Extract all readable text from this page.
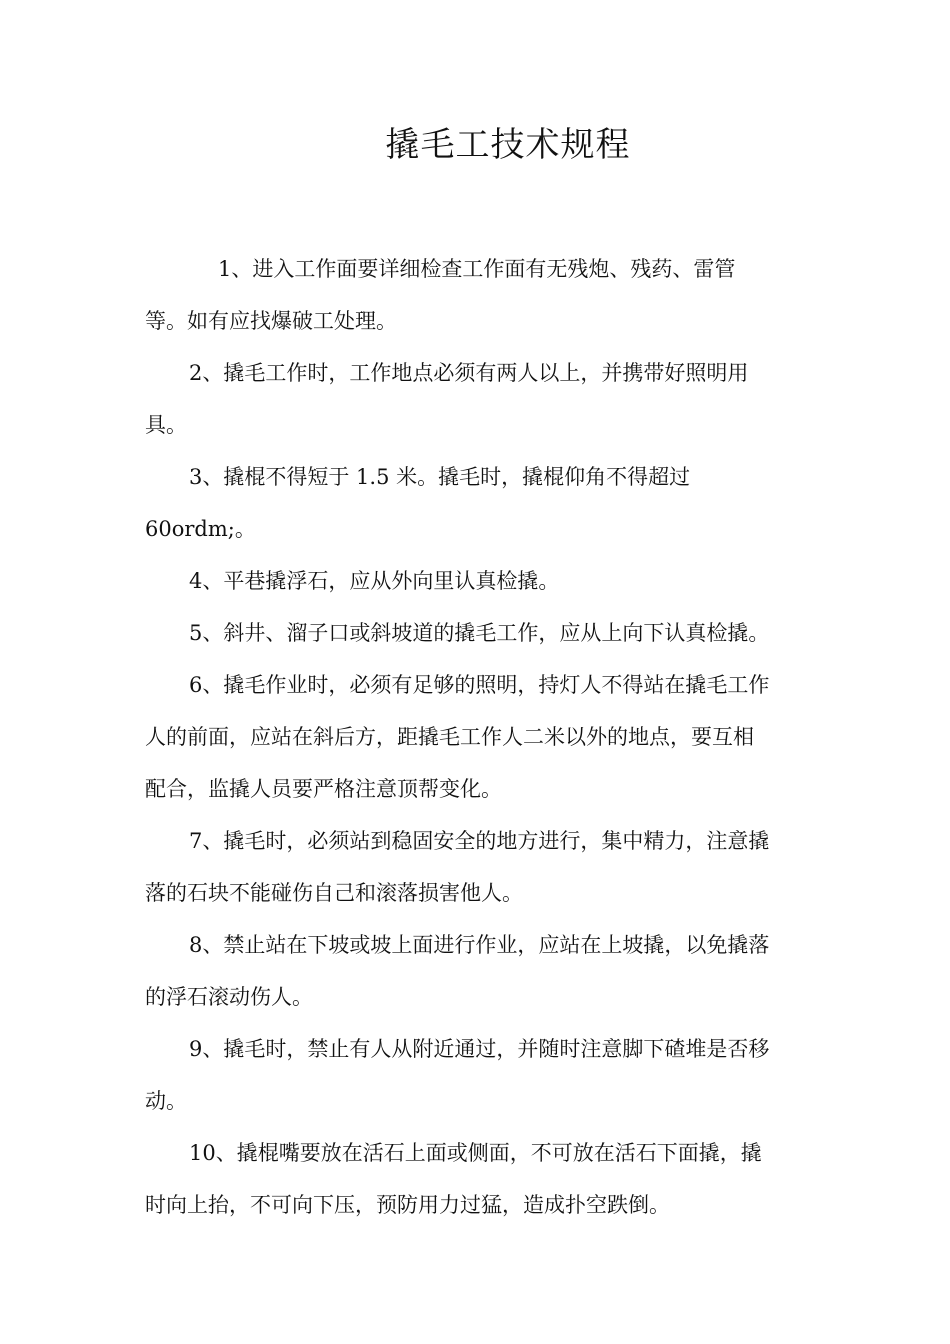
撬毛工技术规程

1、进入工作面要详细检查工作面有无残炮、残药、雷管
等。如有应找爆破工处理。

2、撬毛工作时，工作地点必须有两人以上，并携带好照明用
具。

3、撬棍不得短于 1.5 米。撬毛时，撬棍仰角不得超过
60ordm;。

4、平巷撬浮石，应从外向里认真检撬。

5、斜井、溜子口或斜坡道的撬毛工作，应从上向下认真检撬。

6、撬毛作业时，必须有足够的照明，持灯人不得站在撬毛工作
人的前面，应站在斜后方，距撬毛工作人二米以外的地点，要互相
配合，监撬人员要严格注意顶帮变化。

7、撬毛时，必须站到稳固安全的地方进行，集中精力，注意撬
落的石块不能碰伤自己和滚落损害他人。

8、禁止站在下坡或坡上面进行作业，应站在上坡撬，以免撬落
的浮石滚动伤人。

9、撬毛时，禁止有人从附近通过，并随时注意脚下碴堆是否移
动。

10、撬棍嘴要放在活石上面或侧面，不可放在活石下面撬，撬
时向上抬，不可向下压，预防用力过猛，造成扑空跌倒。
